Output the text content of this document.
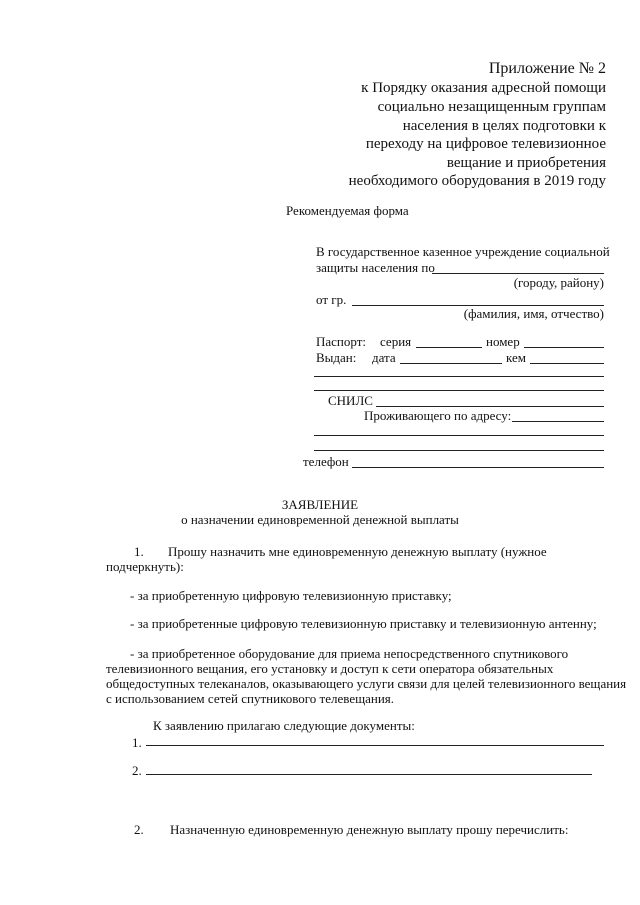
Приложение № 2
к Порядку оказания адресной помощи
социально незащищенным группам
населения в целях подготовки к
переходу на цифровое телевизионное
вещание и приобретения
необходимого оборудования в 2019 году
Рекомендуемая форма
В государственное казенное учреждение социальной
защиты населения по
(городу, району)
от гр.
(фамилия, имя, отчество)
Паспорт: серия	номер
Выдан: дата	кем
СНИЛС
Проживающего по адресу:
телефон
ЗАЯВЛЕНИЕ
о назначении единовременной денежной выплаты
1. Прошу назначить мне единовременную денежную выплату (нужное
подчеркнуть):
- за приобретенную цифровую телевизионную приставку;
- за приобретенные цифровую телевизионную приставку и телевизионную антенну;
- за приобретенное оборудование для приема непосредственного спутникового
телевизионного вещания, его установку и доступ к сети оператора обязательных
общедоступных телеканалов, оказывающего услуги связи для целей телевизионного вещания
с использованием сетей спутникового телевещания.
К заявлению прилагаю следующие документы:
1.
2.
2. Назначенную единовременную денежную выплату прошу перечислить:
